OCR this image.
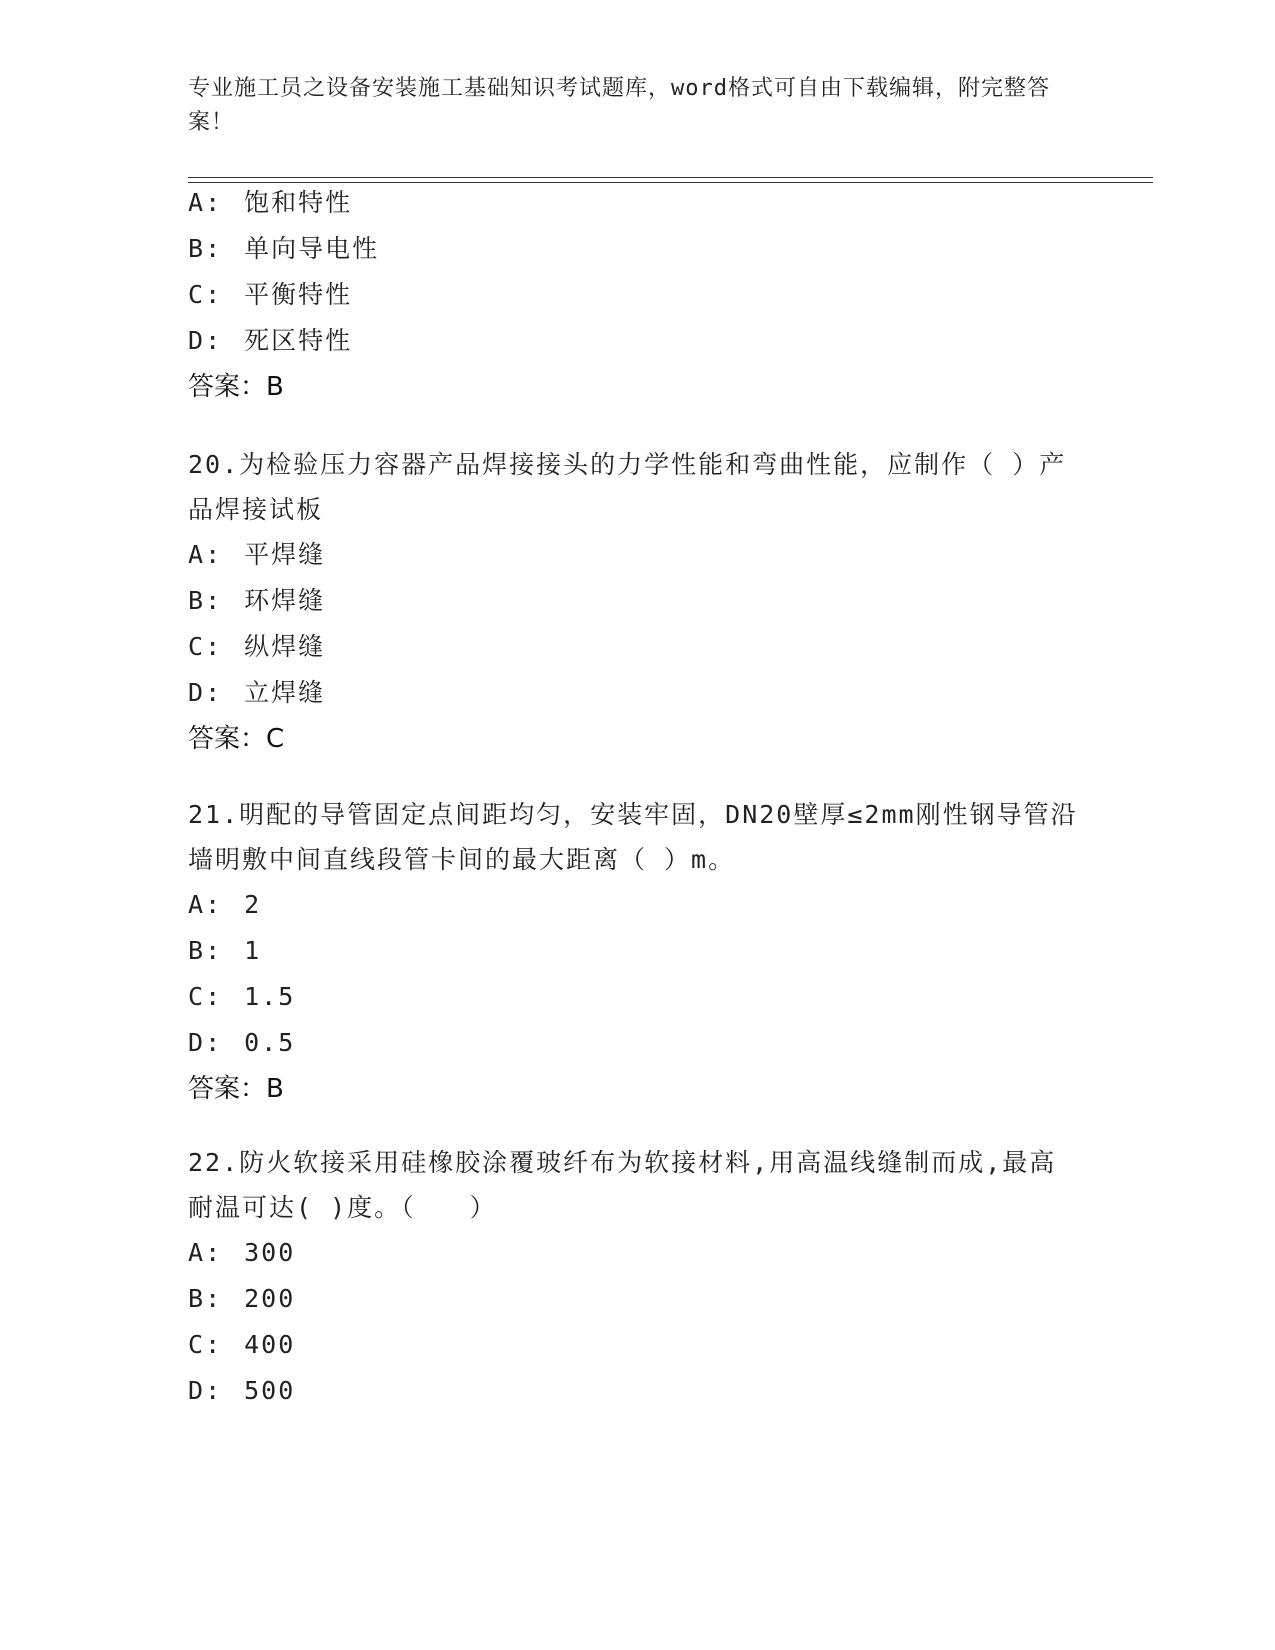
专业施工员之设备安装施工基础知识考试题库，word格式可自由下载编辑，附完整答案！

A: 饱和特性

B: 单向导电性

C: 平衡特性

D: 死区特性

答案：B

20.为检验压力容器产品焊接接头的力学性能和弯曲性能，应制作（ ）产品焊接试板

A: 平焊缝

B: 环焊缝

C: 纵焊缝

D: 立焊缝

答案：C

21.明配的导管固定点间距均匀，安装牢固，DN20壁厚≤2mm刚性钢导管沿墙明敷中间直线段管卡间的最大距离（ ）m。

A: 2

B: 1

C: 1.5

D: 0.5

答案：B

22.防火软接采用硅橡胶涂覆玻纤布为软接材料,用高温线缝制而成,最高耐温可达( )度。（　　）

A: 300

B: 200

C: 400

D: 500
